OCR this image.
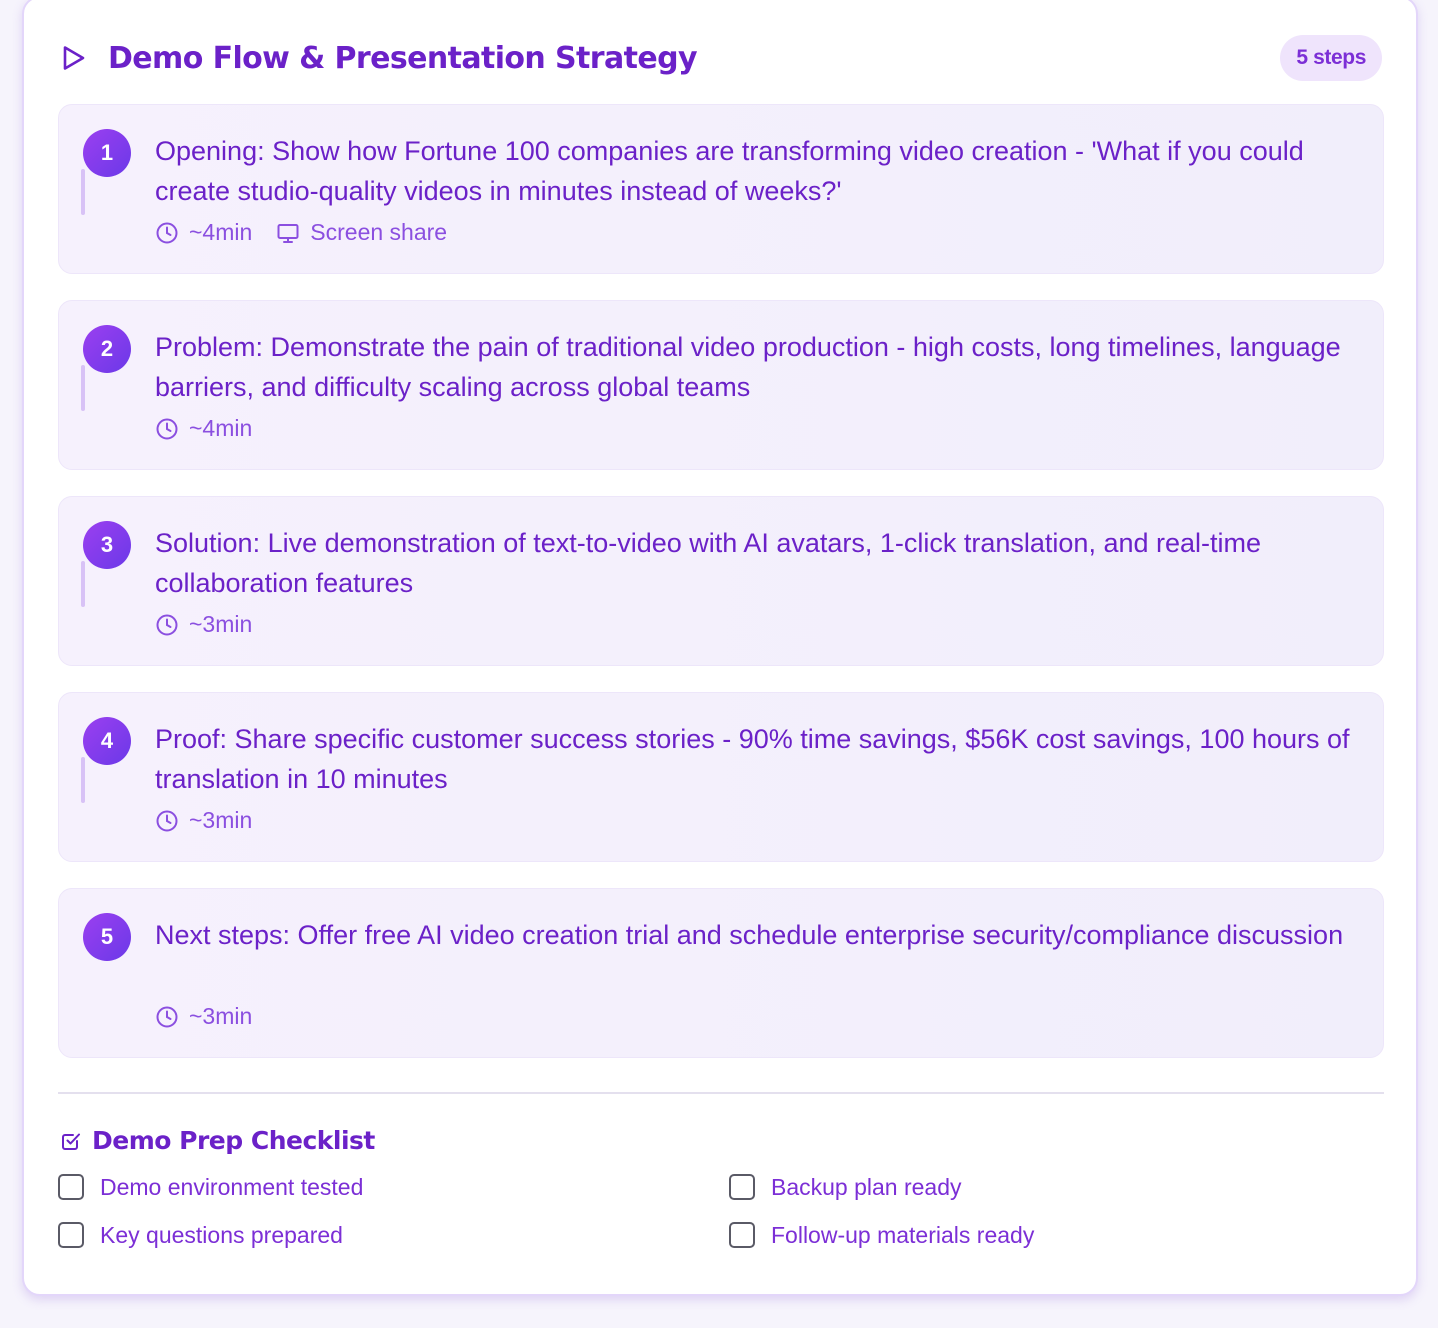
Demo Flow & Presentation Strategy	5 steps
1	Opening: Show how Fortune 100 companies are transforming video creation - 'What if you could create studio-quality videos in minutes instead of weeks?'
~4min	Screen share
2	Problem: Demonstrate the pain of traditional video production - high costs, long timelines, language barriers, and difficulty scaling across global teams
~4min
3	Solution: Live demonstration of text-to-video with AI avatars, 1-click translation, and real-time collaboration features
~3min
4	Proof: Share specific customer success stories - 90% time savings, $56K cost savings, 100 hours of translation in 10 minutes
~3min
5	Next steps: Offer free AI video creation trial and schedule enterprise security/compliance discussion
~3min
Demo Prep Checklist
Demo environment tested	Backup plan ready
Key questions prepared	Follow-up materials ready
